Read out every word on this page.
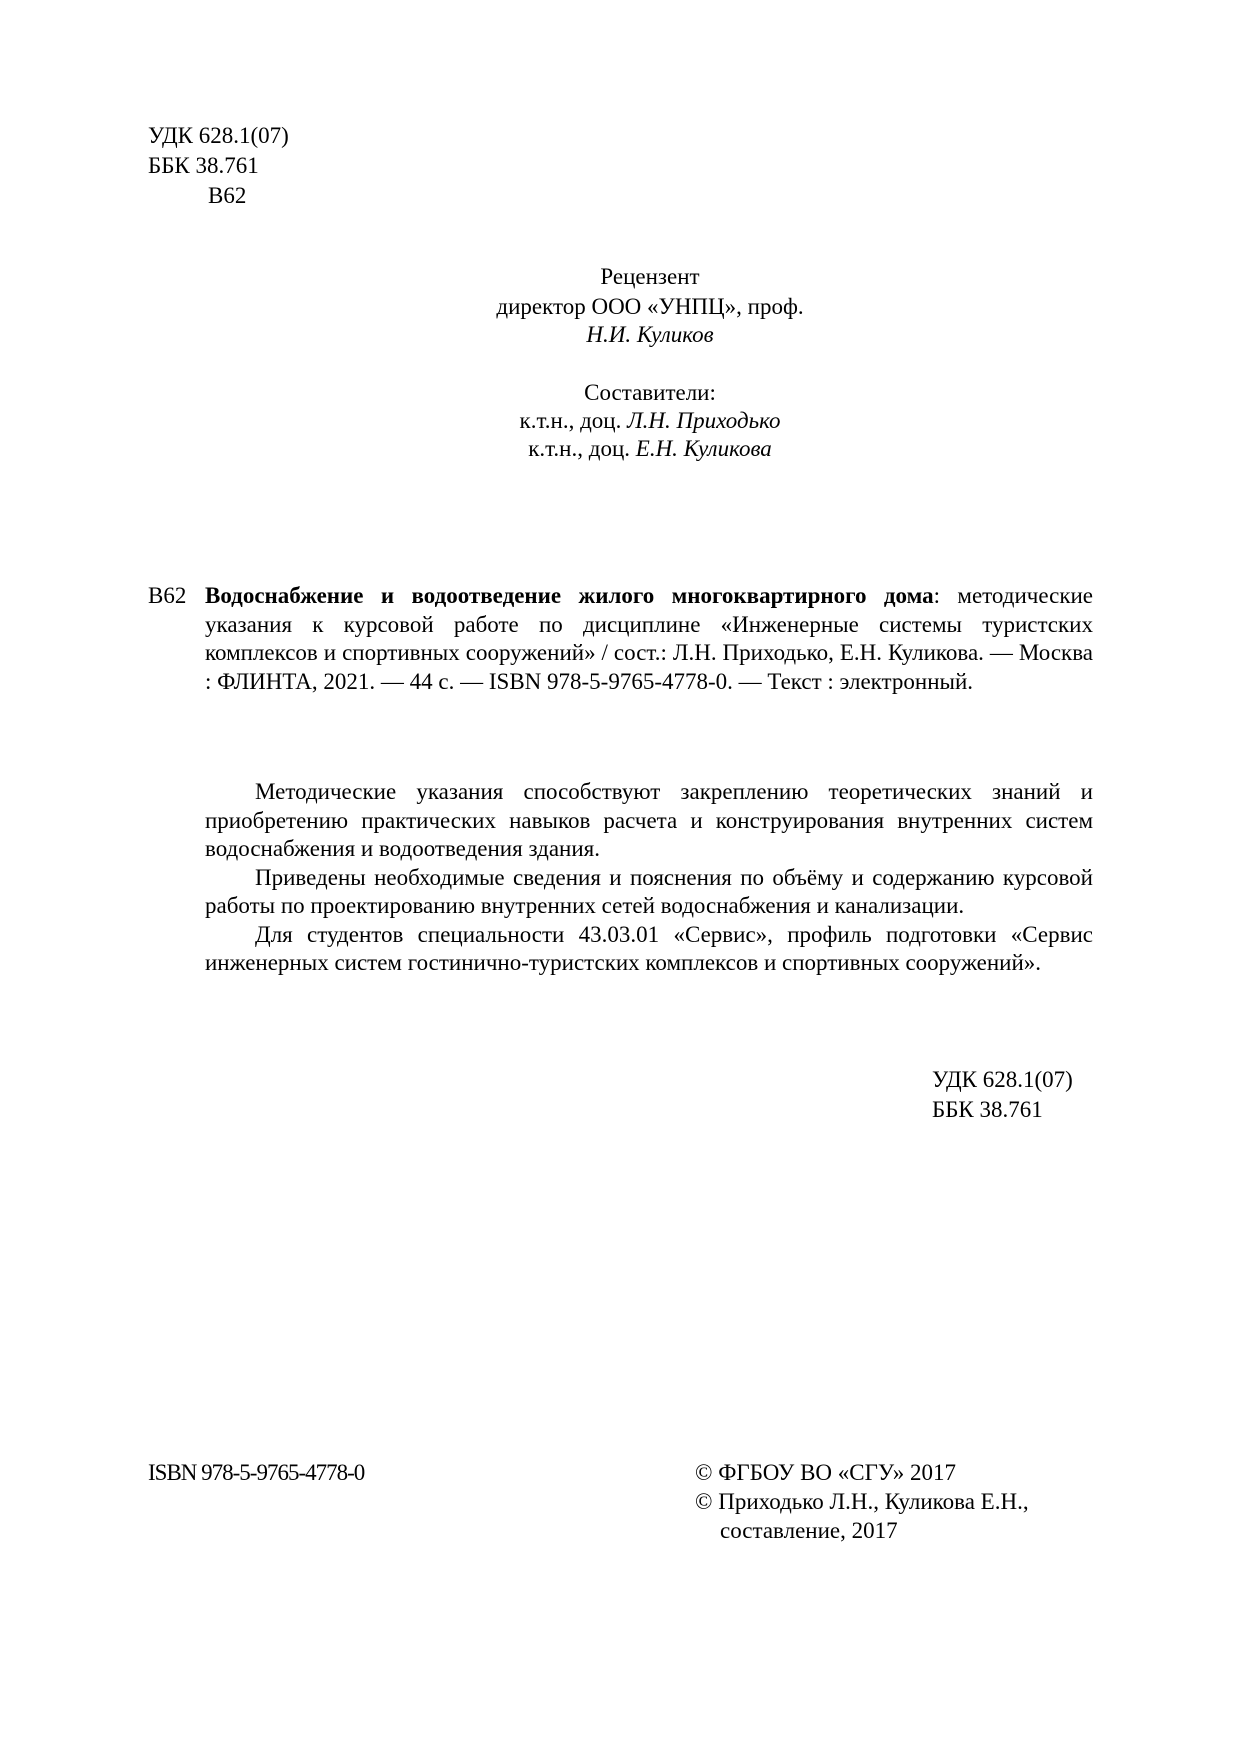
УДК 628.1(07)
ББК 38.761
В62
Рецензент
директор ООО «УНПЦ», проф.
Н.И. Куликов
Составители:
к.т.н., доц. Л.Н. Приходько
к.т.н., доц. Е.Н. Куликова
В62 Водоснабжение и водоотведение жилого многоквартирного дома: методические указания к курсовой работе по дисциплине «Инженерные системы туристских комплексов и спортивных сооружений» / сост.: Л.Н. Приходько, Е.Н. Куликова. — Москва : ФЛИНТА, 2021. — 44 с. — ISBN 978-5-9765-4778-0. — Текст : электронный.

Методические указания способствуют закреплению теоретических знаний и приобретению практических навыков расчета и конструирования внутренних систем водоснабжения и водоотведения здания.

Приведены необходимые сведения и пояснения по объёму и содержанию курсовой работы по проектированию внутренних сетей водоснабжения и канализации.

Для студентов специальности 43.03.01 «Сервис», профиль подготовки «Сервис инженерных систем гостинично-туристских комплексов и спортивных сооружений».

УДК 628.1(07)
ББК 38.761
ISBN 978-5-9765-4778-0	© ФГБОУ ВО «СГУ» 2017
© Приходько Л.Н., Куликова Е.Н.,
составление, 2017
